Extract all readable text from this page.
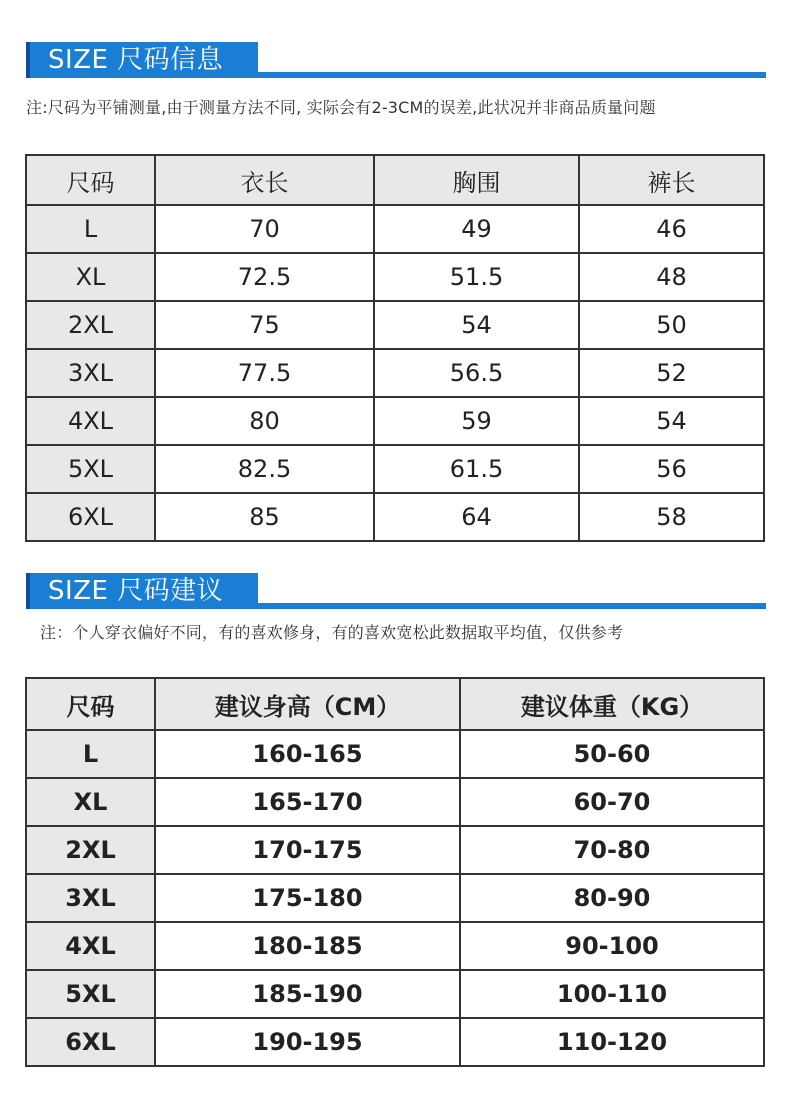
SIZE 尺码信息
注:尺码为平铺测量,由于测量方法不同, 实际会有2-3CM的误差,此状况并非商品质量问题
尺码	衣长	胸围	裤长
L	70	49	46
XL	72.5	51.5	48
2XL	75	54	50
3XL	77.5	56.5	52
4XL	80	59	54
5XL	82.5	61.5	56
6XL	85	64	58
SIZE 尺码建议
注：个人穿衣偏好不同，有的喜欢修身，有的喜欢宽松此数据取平均值，仅供参考
尺码	建议身高（CM）	建议体重（KG）
L	160-165	50-60
XL	165-170	60-70
2XL	170-175	70-80
3XL	175-180	80-90
4XL	180-185	90-100
5XL	185-190	100-110
6XL	190-195	110-120
